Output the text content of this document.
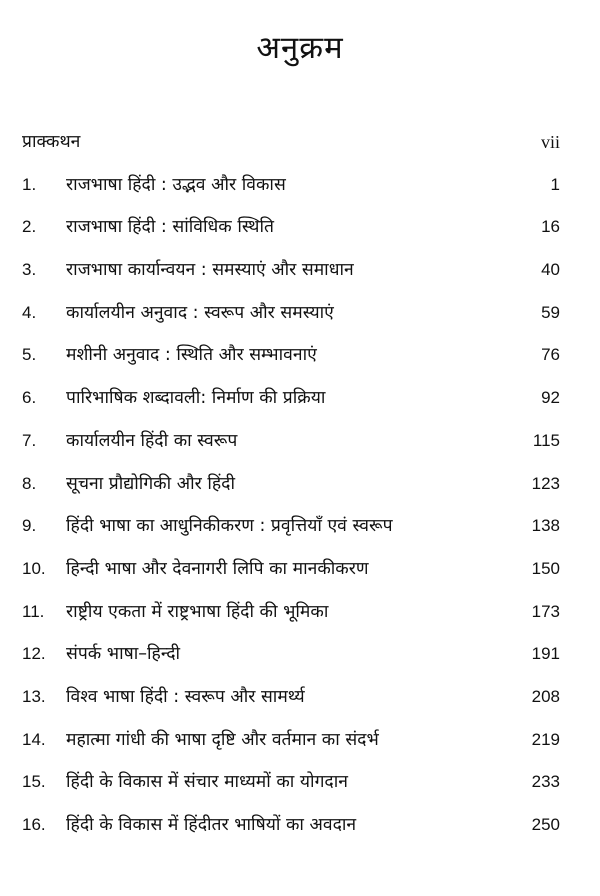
अनुक्रम
प्राक्कथन	vii
1.	राजभाषा हिंदी : उद्भव और विकास	1
2.	राजभाषा हिंदी : सांविधिक स्थिति	16
3.	राजभाषा कार्यान्वयन : समस्याएं और समाधान	40
4.	कार्यालयीन अनुवाद : स्वरूप और समस्याएं	59
5.	मशीनी अनुवाद : स्थिति और सम्भावनाएं	76
6.	पारिभाषिक शब्दावली: निर्माण की प्रक्रिया	92
7.	कार्यालयीन हिंदी का स्वरूप	115
8.	सूचना प्रौद्योगिकी और हिंदी	123
9.	हिंदी भाषा का आधुनिकीकरण : प्रवृत्तियाँ एवं स्वरूप	138
10.	हिन्दी भाषा और देवनागरी लिपि का मानकीकरण	150
11.	राष्ट्रीय एकता में राष्ट्रभाषा हिंदी की भूमिका	173
12.	संपर्क भाषा–हिन्दी	191
13.	विश्व भाषा हिंदी : स्वरूप और सामर्थ्य	208
14.	महात्मा गांधी की भाषा दृष्टि और वर्तमान का संदर्भ	219
15.	हिंदी के विकास में संचार माध्यमों का योगदान	233
16.	हिंदी के विकास में हिंदीतर भाषियों का अवदान	250
